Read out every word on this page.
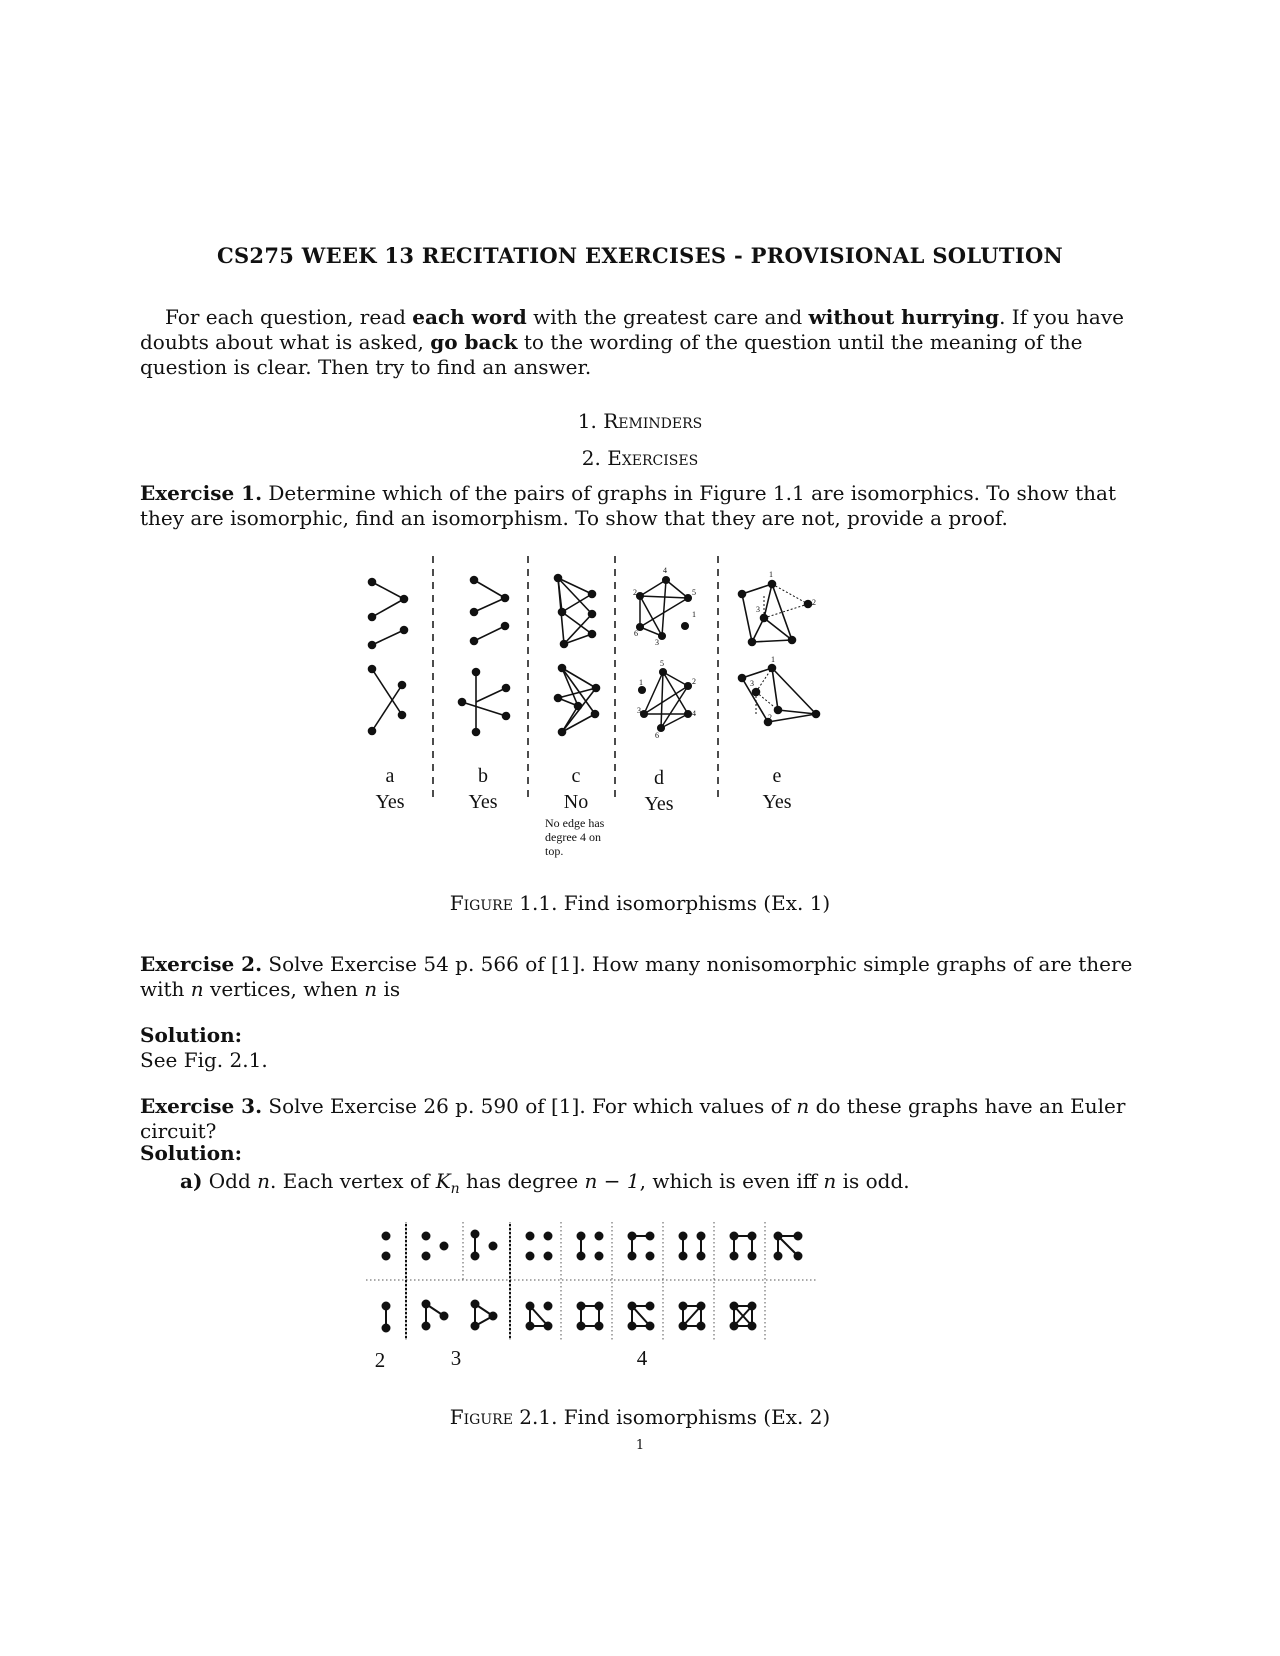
CS275 WEEK 13 RECITATION EXERCISES - PROVISIONAL SOLUTION
For each question, read each word with the greatest care and without hurrying. If you have doubts about what is asked, go back to the wording of the question until the meaning of the question is clear. Then try to find an answer.
1. Reminders
2. Exercises
Exercise 1. Determine which of the pairs of graphs in Figure 1.1 are isomorphics. To show that they are isomorphic, find an isomorphism. To show that they are not, provide a proof.
4
2	5
1
6
3
5
1	2
3	4
6
1
3
2
1
3
2
a
Yes
b
Yes
c
No
No edge has degree 4 on top.
d
Yes
e
Yes
Figure 1.1. Find isomorphisms (Ex. 1)
Exercise 2. Solve Exercise 54 p. 566 of [1]. How many nonisomorphic simple graphs of are there with n vertices, when n is
Solution:
See Fig. 2.1.
Exercise 3. Solve Exercise 26 p. 590 of [1]. For which values of n do these graphs have an Euler circuit?
Solution:
a) Odd n. Each vertex of $K_n$ has degree n − 1, which is even iff n is odd.
2	3	4
Figure 2.1. Find isomorphisms (Ex. 2)
1
